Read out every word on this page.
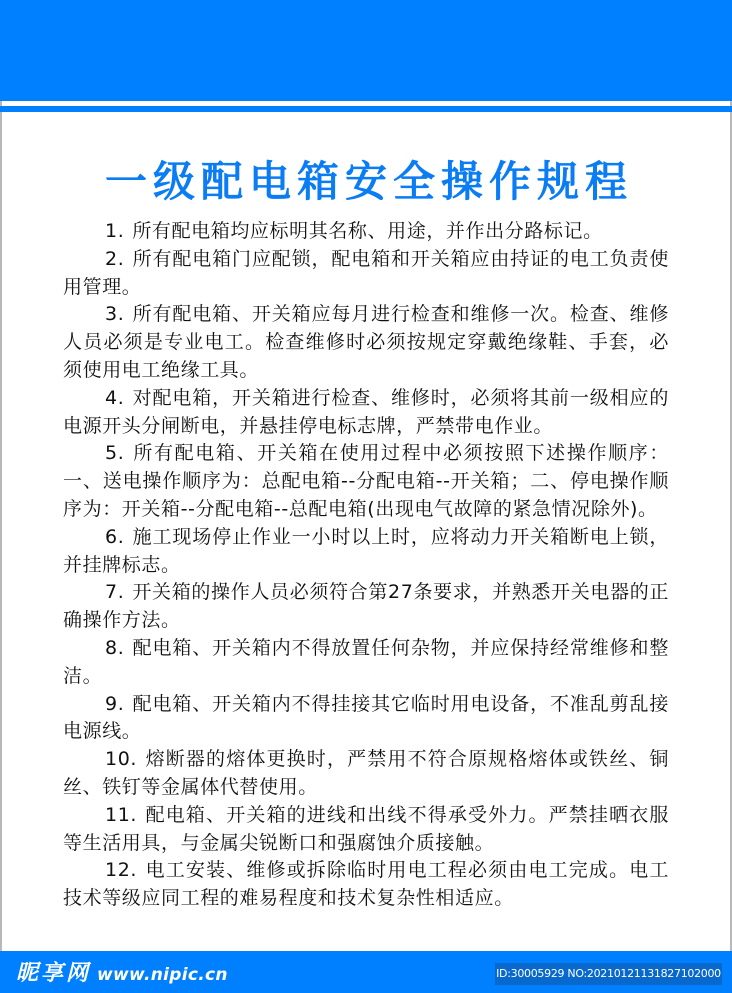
一级配电箱安全操作规程

1. 所有配电箱均应标明其名称、用途，并作出分路标记。

2. 所有配电箱门应配锁，配电箱和开关箱应由持证的电工负责使用管理。

3. 所有配电箱、开关箱应每月进行检查和维修一次。检查、维修人员必须是专业电工。检查维修时必须按规定穿戴绝缘鞋、手套，必须使用电工绝缘工具。

4. 对配电箱，开关箱进行检查、维修时，必须将其前一级相应的电源开头分闸断电，并悬挂停电标志牌，严禁带电作业。

5. 所有配电箱、开关箱在使用过程中必须按照下述操作顺序：一、送电操作顺序为：总配电箱--分配电箱--开关箱；二、停电操作顺序为：开关箱--分配电箱--总配电箱(出现电气故障的紧急情况除外)。

6. 施工现场停止作业一小时以上时，应将动力开关箱断电上锁，并挂牌标志。

7. 开关箱的操作人员必须符合第27条要求，并熟悉开关电器的正确操作方法。

8. 配电箱、开关箱内不得放置任何杂物，并应保持经常维修和整洁。

9. 配电箱、开关箱内不得挂接其它临时用电设备，不准乱剪乱接电源线。

10. 熔断器的熔体更换时，严禁用不符合原规格熔体或铁丝、铜丝、铁钉等金属体代替使用。

11. 配电箱、开关箱的进线和出线不得承受外力。严禁挂晒衣服等生活用具，与金属尖锐断口和强腐蚀介质接触。

12. 电工安装、维修或拆除临时用电工程必须由电工完成。电工技术等级应同工程的难易程度和技术复杂性相适应。

昵享网 www.nipic.cn	ID:30005929 NO:20210121131827102000
